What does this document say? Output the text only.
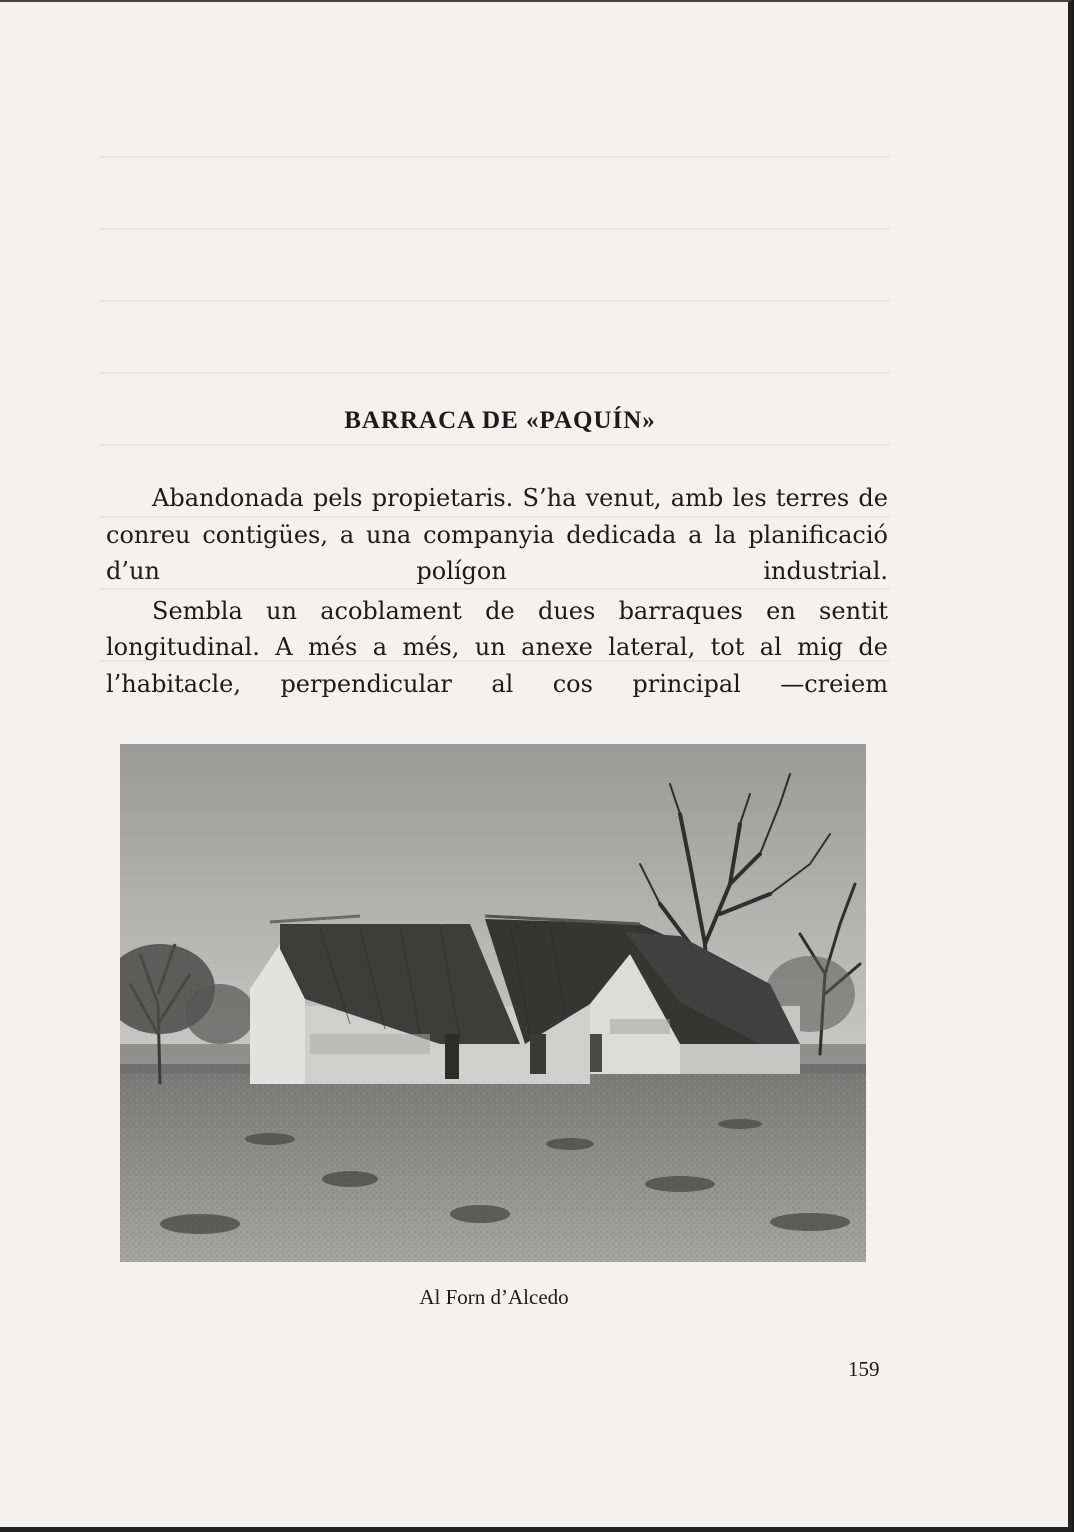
BARRACA DE «PAQUÍN»

Abandonada pels propietaris. S’ha venut, amb les terres de conreu contigües, a una companyia dedicada a la planificació d’un polígon industrial.

Sembla un acoblament de dues barraques en sentit longitudinal. A més a més, un anexe lateral, tot al mig de l’habitacle, perpendicular al cos principal —creiem

Al Forn d’Alcedo
159
